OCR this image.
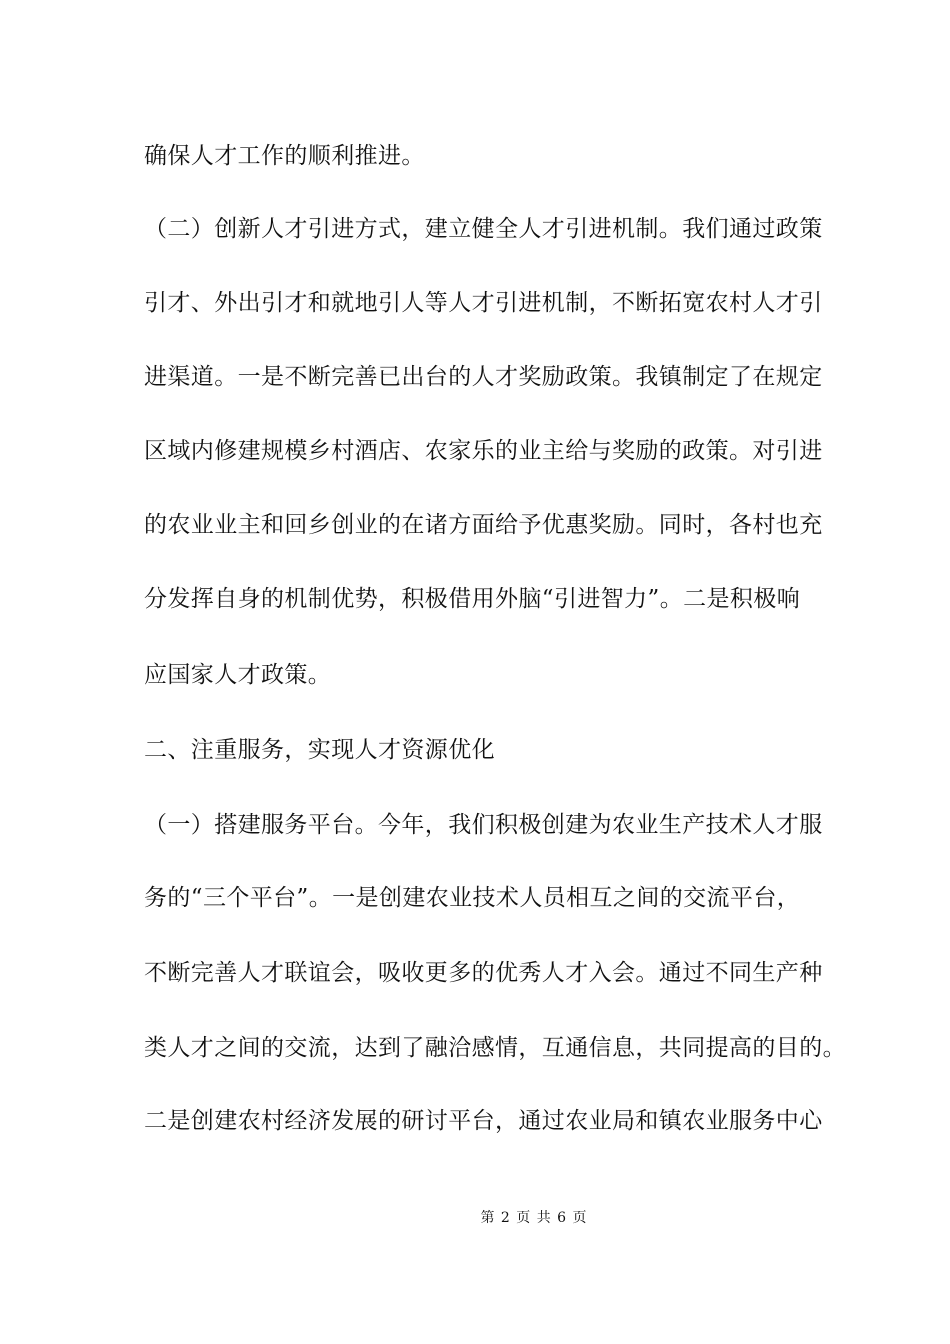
确保人才工作的顺利推进。
（二）创新人才引进方式，建立健全人才引进机制。我们通过政策
引才、外出引才和就地引人等人才引进机制，不断拓宽农村人才引
进渠道。一是不断完善已出台的人才奖励政策。我镇制定了在规定
区域内修建规模乡村酒店、农家乐的业主给与奖励的政策。对引进
的农业业主和回乡创业的在诸方面给予优惠奖励。同时，各村也充
分发挥自身的机制优势，积极借用外脑“引进智力”。二是积极响
应国家人才政策。
二、注重服务，实现人才资源优化
（一）搭建服务平台。今年，我们积极创建为农业生产技术人才服
务的“三个平台”。一是创建农业技术人员相互之间的交流平台，
不断完善人才联谊会，吸收更多的优秀人才入会。通过不同生产种
类人才之间的交流，达到了融洽感情，互通信息，共同提高的目的。
二是创建农村经济发展的研讨平台，通过农业局和镇农业服务中心
第 2 页 共 6 页
